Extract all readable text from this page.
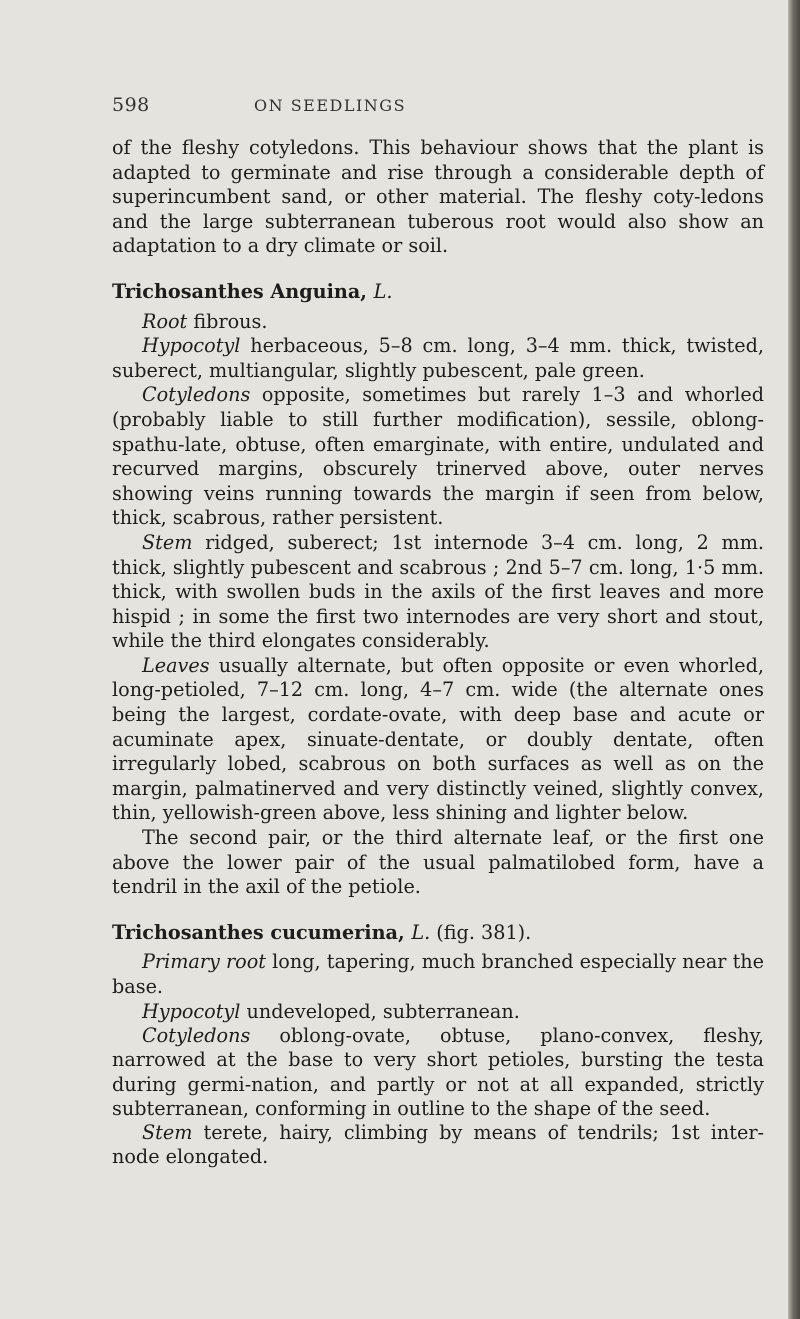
598	ON SEEDLINGS

of the fleshy cotyledons. This behaviour shows that the plant is adapted to germinate and rise through a considerable depth of superincumbent sand, or other material. The fleshy coty-ledons and the large subterranean tuberous root would also show an adaptation to a dry climate or soil.

Trichosanthes Anguina, L.

Root fibrous.

Hypocotyl herbaceous, 5–8 cm. long, 3–4 mm. thick, twisted, suberect, multiangular, slightly pubescent, pale green.

Cotyledons opposite, sometimes but rarely 1–3 and whorled (probably liable to still further modification), sessile, oblong-spathu-late, obtuse, often emarginate, with entire, undulated and recurved margins, obscurely trinerved above, outer nerves showing veins running towards the margin if seen from below, thick, scabrous, rather persistent.

Stem ridged, suberect; 1st internode 3–4 cm. long, 2 mm. thick, slightly pubescent and scabrous ; 2nd 5–7 cm. long, 1·5 mm. thick, with swollen buds in the axils of the first leaves and more hispid ; in some the first two internodes are very short and stout, while the third elongates considerably.

Leaves usually alternate, but often opposite or even whorled, long-petioled, 7–12 cm. long, 4–7 cm. wide (the alternate ones being the largest, cordate-ovate, with deep base and acute or acuminate apex, sinuate-dentate, or doubly dentate, often irregularly lobed, scabrous on both surfaces as well as on the margin, palmatinerved and very distinctly veined, slightly convex, thin, yellowish-green above, less shining and lighter below.

The second pair, or the third alternate leaf, or the first one above the lower pair of the usual palmatilobed form, have a tendril in the axil of the petiole.

Trichosanthes cucumerina, L. (fig. 381).

Primary root long, tapering, much branched especially near the base.

Hypocotyl undeveloped, subterranean.

Cotyledons oblong-ovate, obtuse, plano-convex, fleshy, narrowed at the base to very short petioles, bursting the testa during germi-nation, and partly or not at all expanded, strictly subterranean, conforming in outline to the shape of the seed.

Stem terete, hairy, climbing by means of tendrils; 1st inter-node elongated.
